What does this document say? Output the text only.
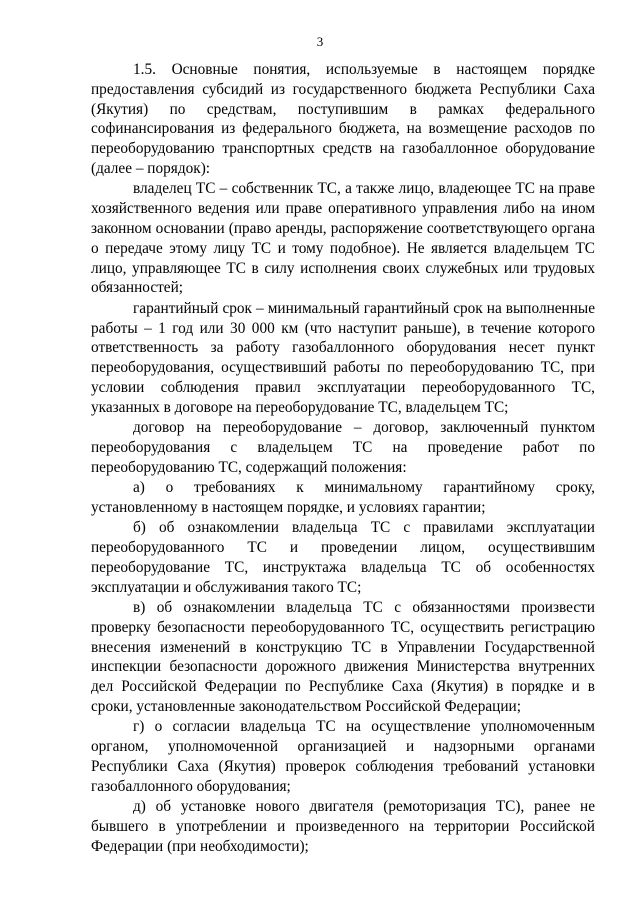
3

1.5. Основные понятия, используемые в настоящем порядке предоставления субсидий из государственного бюджета Республики Саха (Якутия) по средствам, поступившим в рамках федерального софинансирования из федерального бюджета, на возмещение расходов по переоборудованию транспортных средств на газобаллонное оборудование (далее – порядок):

владелец ТС – собственник ТС, а также лицо, владеющее ТС на праве хозяйственного ведения или праве оперативного управления либо на ином законном основании (право аренды, распоряжение соответствующего органа о передаче этому лицу ТС и тому подобное). Не является владельцем ТС лицо, управляющее ТС в силу исполнения своих служебных или трудовых обязанностей;

гарантийный срок – минимальный гарантийный срок на выполненные работы – 1 год или 30 000 км (что наступит раньше), в течение которого ответственность за работу газобаллонного оборудования несет пункт переоборудования, осуществивший работы по переоборудованию ТС, при условии соблюдения правил эксплуатации переоборудованного ТС, указанных в договоре на переоборудование ТС, владельцем ТС;

договор на переоборудование – договор, заключенный пунктом переоборудования с владельцем ТС на проведение работ по переоборудованию ТС, содержащий положения:

а) о требованиях к минимальному гарантийному сроку, установленному в настоящем порядке, и условиях гарантии;

б) об ознакомлении владельца ТС с правилами эксплуатации переоборудованного ТС и проведении лицом, осуществившим переоборудование ТС, инструктажа владельца ТС об особенностях эксплуатации и обслуживания такого ТС;

в) об ознакомлении владельца ТС с обязанностями произвести проверку безопасности переоборудованного ТС, осуществить регистрацию внесения изменений в конструкцию ТС в Управлении Государственной инспекции безопасности дорожного движения Министерства внутренних дел Российской Федерации по Республике Саха (Якутия) в порядке и в сроки, установленные законодательством Российской Федерации;

г) о согласии владельца ТС на осуществление уполномоченным органом, уполномоченной организацией и надзорными органами Республики Саха (Якутия) проверок соблюдения требований установки газобаллонного оборудования;

д) об установке нового двигателя (ремоторизация ТС), ранее не бывшего в употреблении и произведенного на территории Российской Федерации (при необходимости);
